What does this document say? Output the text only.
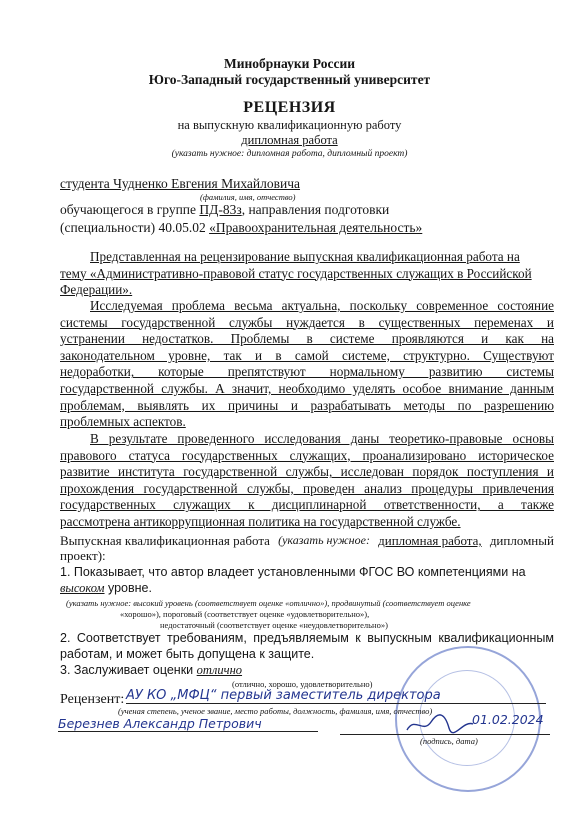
Минобрнауки России
Юго-Западный государственный университет
РЕЦЕНЗИЯ
на выпускную квалификационную работу
дипломная работа
(указать нужное: дипломная работа, дипломный проект)
студента Чудненко Евгения Михайловича
(фамилия, имя, отчество)
обучающегося в группе ПД-83з, направления подготовки
(специальности) 40.05.02 «Правоохранительная деятельность»
Представленная на рецензирование выпускная квалификационная работа на
тему «Административно-правовой статус государственных служащих в Российской
Федерации».
Исследуемая проблема весьма актуальна, поскольку современное состояние
системы государственной службы нуждается в существенных переменах и
устранении недостатков. Проблемы в системе проявляются и как на
законодательном уровне, так и в самой системе, структурно. Существуют
недоработки, которые препятствуют нормальному развитию системы
государственной службы. А значит, необходимо уделять особое внимание данным
проблемам, выявлять их причины и разрабатывать методы по разрешению
проблемных аспектов.
В результате проведенного исследования даны теоретико-правовые основы
правового статуса государственных служащих, проанализировано историческое
развитие института государственной службы, исследован порядок поступления и
прохождения государственной службы, проведен анализ процедуры привлечения
государственных служащих к дисциплинарной ответственности, а также
рассмотрена антикоррупционная политика на государственной службе.
Выпускная квалификационная работа (указать нужное: дипломная работа, дипломный
проект):
1. Показывает, что автор владеет установленными ФГОС ВО компетенциями на
высоком уровне.
(указать нужное: высокий уровень (соответствует оценке «отлично»), продвинутый (соответствует оценке
«хорошо»), пороговый (соответствует оценке «удовлетворительно»),
недостаточный (соответствует оценке «неудовлетворительно»)
2. Соответствует требованиям, предъявляемым к выпускным квалификационным
работам, и может быть допущена к защите.
3. Заслуживает оценки отлично
(отлично, хорошо, удовлетворительно)
Рецензент: АУ КО „МФЦ“ первый заместитель директора
(ученая степень, ученое звание, место работы, должность, фамилия, имя, отчество)
Березнев Александр Петрович	01.02.2024
(подпись, дата)
